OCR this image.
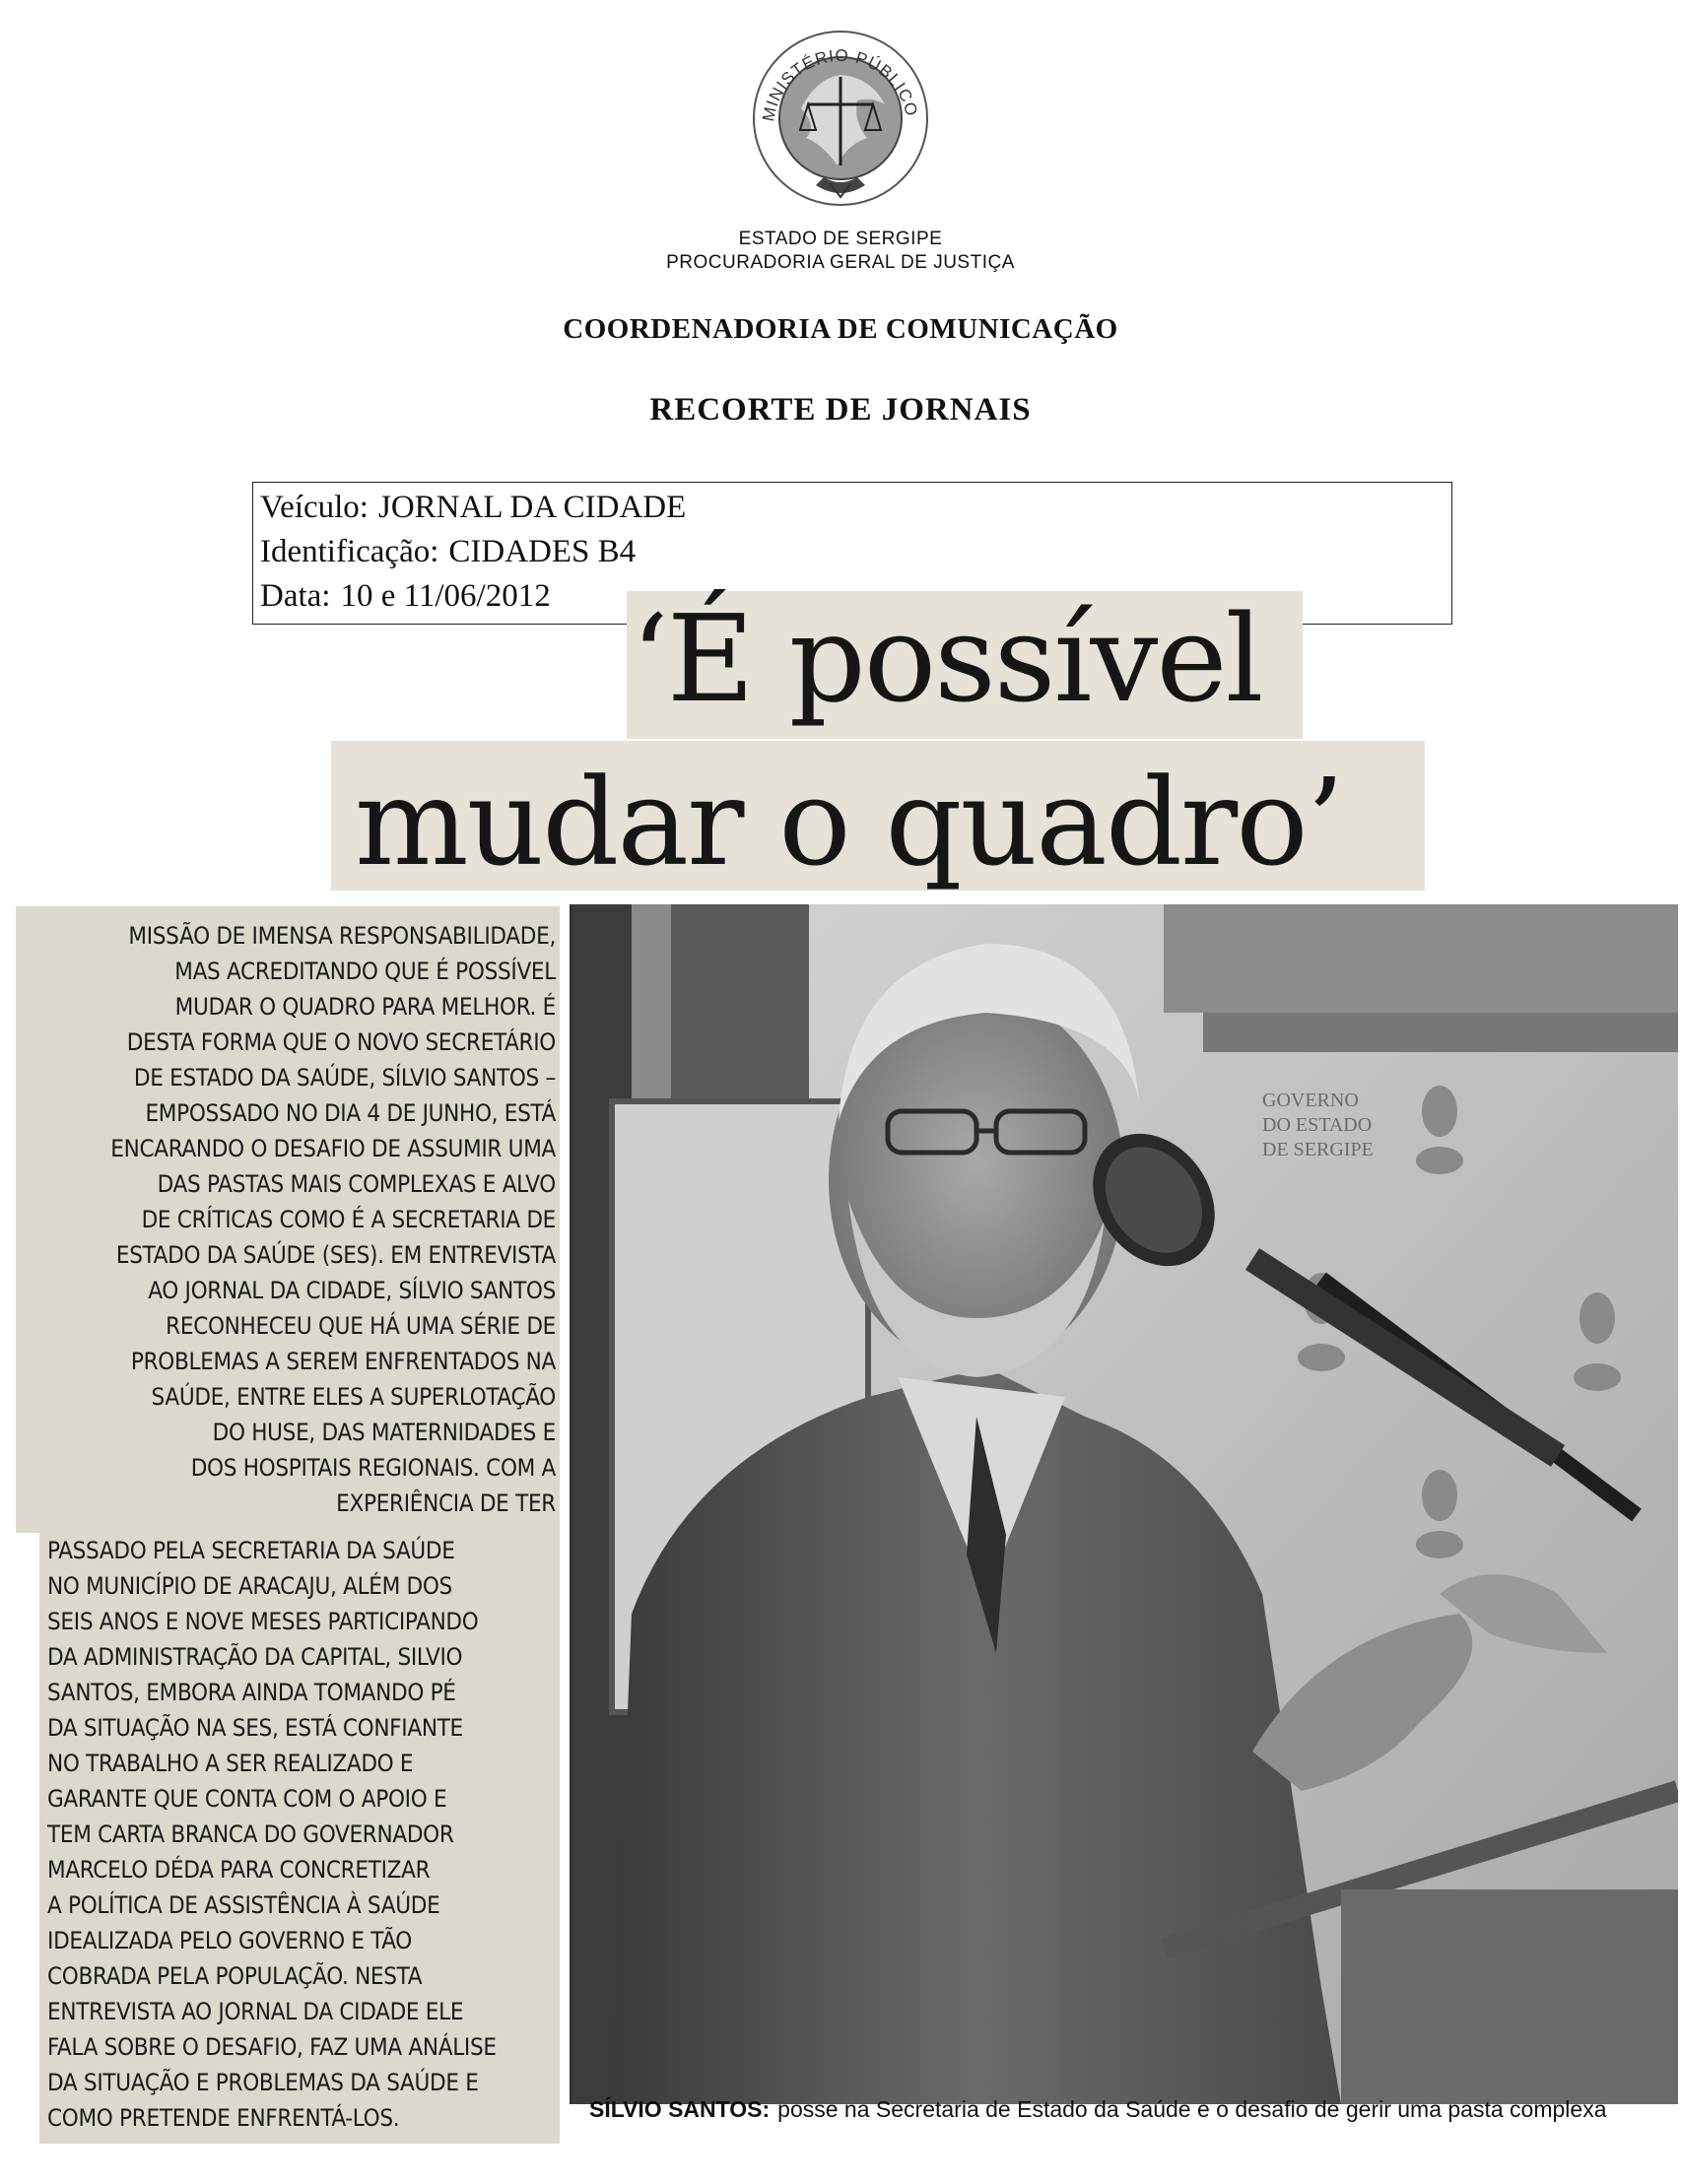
MINISTÉRIO PÚBLICO
ESTADO DE SERGIPE
PROCURADORIA GERAL DE JUSTIÇA
COORDENADORIA DE COMUNICAÇÃO
RECORTE DE JORNAIS
Veículo: JORNAL DA CIDADE
Identificação: CIDADES B4
Data: 10 e 11/06/2012 ‘É possível
mudar o quadro’
MISSÃO DE IMENSA RESPONSABILIDADE,
MAS ACREDITANDO QUE É POSSÍVEL
MUDAR O QUADRO PARA MELHOR. É
DESTA FORMA QUE O NOVO SECRETÁRIO
DE ESTADO DA SAÚDE, SÍLVIO SANTOS –
EMPOSSADO NO DIA 4 DE JUNHO, ESTÁ
ENCARANDO O DESAFIO DE ASSUMIR UMA
DAS PASTAS MAIS COMPLEXAS E ALVO
DE CRÍTICAS COMO É A SECRETARIA DE
ESTADO DA SAÚDE (SES). EM ENTREVISTA
AO JORNAL DA CIDADE, SÍLVIO SANTOS
RECONHECEU QUE HÁ UMA SÉRIE DE
PROBLEMAS A SEREM ENFRENTADOS NA
SAÚDE, ENTRE ELES A SUPERLOTAÇÃO
DO HUSE, DAS MATERNIDADES E
DOS HOSPITAIS REGIONAIS. COM A
EXPERIÊNCIA DE TER
PASSADO PELA SECRETARIA DA SAÚDE
NO MUNICÍPIO DE ARACAJU, ALÉM DOS
SEIS ANOS E NOVE MESES PARTICIPANDO
DA ADMINISTRAÇÃO DA CAPITAL, SILVIO
SANTOS, EMBORA AINDA TOMANDO PÉ
DA SITUAÇÃO NA SES, ESTÁ CONFIANTE
NO TRABALHO A SER REALIZADO E
GARANTE QUE CONTA COM O APOIO E
TEM CARTA BRANCA DO GOVERNADOR
MARCELO DÉDA PARA CONCRETIZAR
A POLÍTICA DE ASSISTÊNCIA À SAÚDE
IDEALIZADA PELO GOVERNO E TÃO
COBRADA PELA POPULAÇÃO. NESTA
ENTREVISTA AO JORNAL DA CIDADE ELE
FALA SOBRE O DESAFIO, FAZ UMA ANÁLISE
DA SITUAÇÃO E PROBLEMAS DA SAÚDE E
COMO PRETENDE ENFRENTÁ-LOS.
GOVERNO
DO ESTADO
DE SERGIPE
SÍLVIO SANTOS: posse na Secretaria de Estado da Saúde e o desafio de gerir uma pasta complexa
